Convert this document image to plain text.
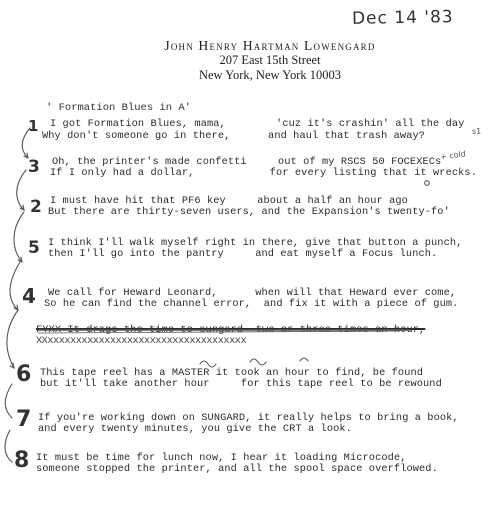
Dec 14 '83
John Henry Hartman Lowengard
207 East 15th Street
New York, New York 10003
' Formation Blues in A'
1 I got Formation Blues, mama,        'cuz it's crashin' all the day
Why don't someone go in there,      and haul that trash away?	s1
3 Oh, the printer's made confetti     out of my RSCS 50 FOCEXECs
If I only had a dollar,            for every listing that it wrecks.
+ cold
2 I must have hit that PF6 key     about a half an hour ago
But there are thirty-seven users, and the Expansion's twenty-fo'
5 I think I'll walk myself right in there, give that button a punch,
then I'll go into the pantry     and eat myself a Focus lunch.
4 We call for Heward Leonard,      when will that Heward ever come,
So he can find the channel error,  and fix it with a piece of gum.
FYXX It drags the time to sungard  two or three times an hour,
XXxxxxxxxxxxxxxxxxxxxxxxxxxxxxxxxxxxx
6 This tape reel has a MASTER it took an hour to find, be found
but it'll take another hour     for this tape reel to be rewound
7 If you're working down on SUNGARD, it really helps to bring a book,
and every twenty minutes, you give the CRT a look.
8 It must be time for lunch now, I hear it loading Microcode,
someone stopped the printer, and all the spool space overflowed.
